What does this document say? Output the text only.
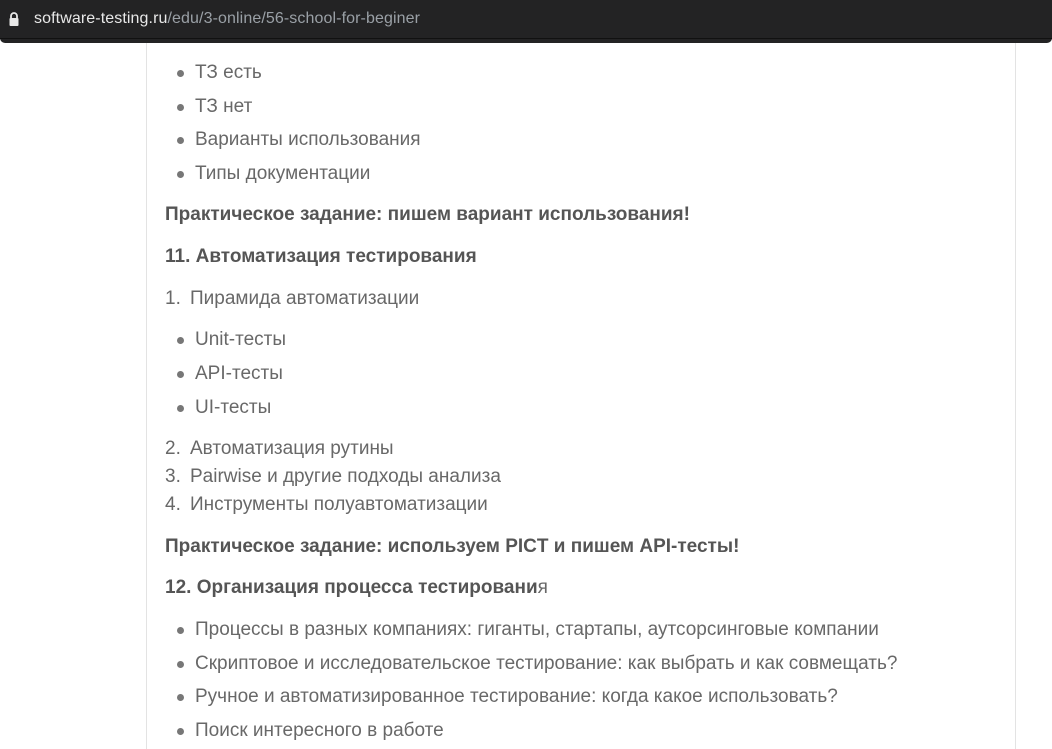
software-testing.ru/edu/3-online/56-school-for-beginer
ТЗ есть
ТЗ нет
Варианты использования
Типы документации
Практическое задание: пишем вариант использования!
11. Автоматизация тестирования
1. Пирамида автоматизации
Unit-тесты
API-тесты
UI-тесты
2. Автоматизация рутины
3. Pairwise и другие подходы анализа
4. Инструменты полуавтоматизации
Практическое задание: используем PICT и пишем API-тесты!
12. Организация процесса тестирования
Процессы в разных компаниях: гиганты, стартапы, аутсорсинговые компании
Скриптовое и исследовательское тестирование: как выбрать и как совмещать?
Ручное и автоматизированное тестирование: когда какое использовать?
Поиск интересного в работе
